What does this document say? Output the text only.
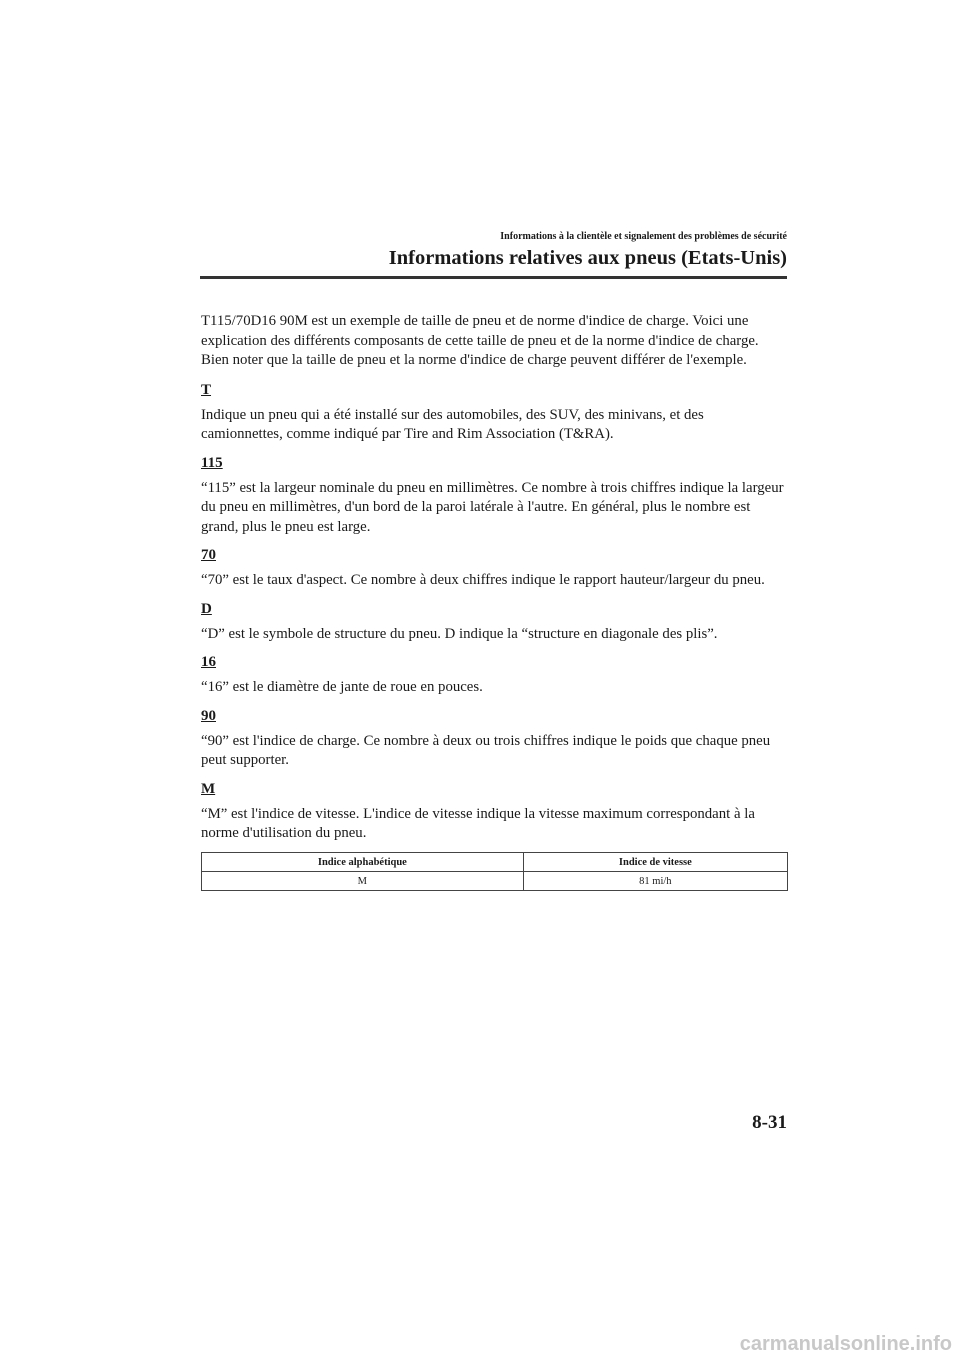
Informations à la clientèle et signalement des problèmes de sécurité
Informations relatives aux pneus (Etats-Unis)

T115/70D16 90M est un exemple de taille de pneu et de norme d'indice de charge. Voici une explication des différents composants de cette taille de pneu et de la norme d'indice de charge. Bien noter que la taille de pneu et la norme d'indice de charge peuvent différer de l'exemple.

T

Indique un pneu qui a été installé sur des automobiles, des SUV, des minivans, et des camionnettes, comme indiqué par Tire and Rim Association (T&RA).

115

“115” est la largeur nominale du pneu en millimètres. Ce nombre à trois chiffres indique la largeur du pneu en millimètres, d'un bord de la paroi latérale à l'autre. En général, plus le nombre est grand, plus le pneu est large.

70

“70” est le taux d'aspect. Ce nombre à deux chiffres indique le rapport hauteur/largeur du pneu.

D

“D” est le symbole de structure du pneu. D indique la “structure en diagonale des plis”.

16

“16” est le diamètre de jante de roue en pouces.

90

“90” est l'indice de charge. Ce nombre à deux ou trois chiffres indique le poids que chaque pneu peut supporter.

M

“M” est l'indice de vitesse. L'indice de vitesse indique la vitesse maximum correspondant à la norme d'utilisation du pneu.

Indice alphabétique	Indice de vitesse
M	81 mi/h
8-31
carmanualsonline.info
